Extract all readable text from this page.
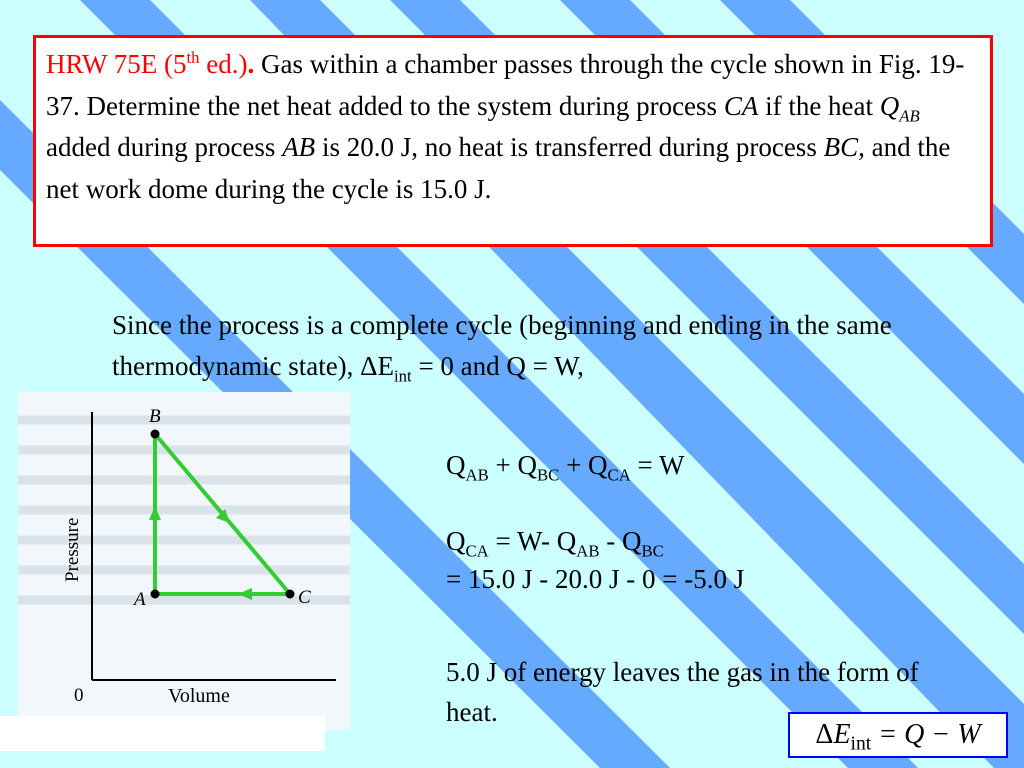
HRW 75E (5th ed.). Gas within a chamber passes through the cycle shown in Fig. 19-37. Determine the net heat added to the system during process CA if the heat $Q_{AB}$ added during process AB is 20.0 J, no heat is transferred during process BC, and the net work dome during the cycle is 15.0 J.
Since the process is a complete cycle (beginning and ending in the same thermodynamic state), $\Delta E_{int} = 0$ and Q = W,
$Q_{AB} + Q_{BC} + Q_{CA} = W$
$Q_{CA} = W-$ $Q_{AB} - Q_{BC}$
= 15.0 J - 20.0 J - 0 = -5.0 J
5.0 J of energy leaves the gas in the form of heat.
B
A	C
Pressure
Volume
0
$\Delta E_{int} = Q - W$
